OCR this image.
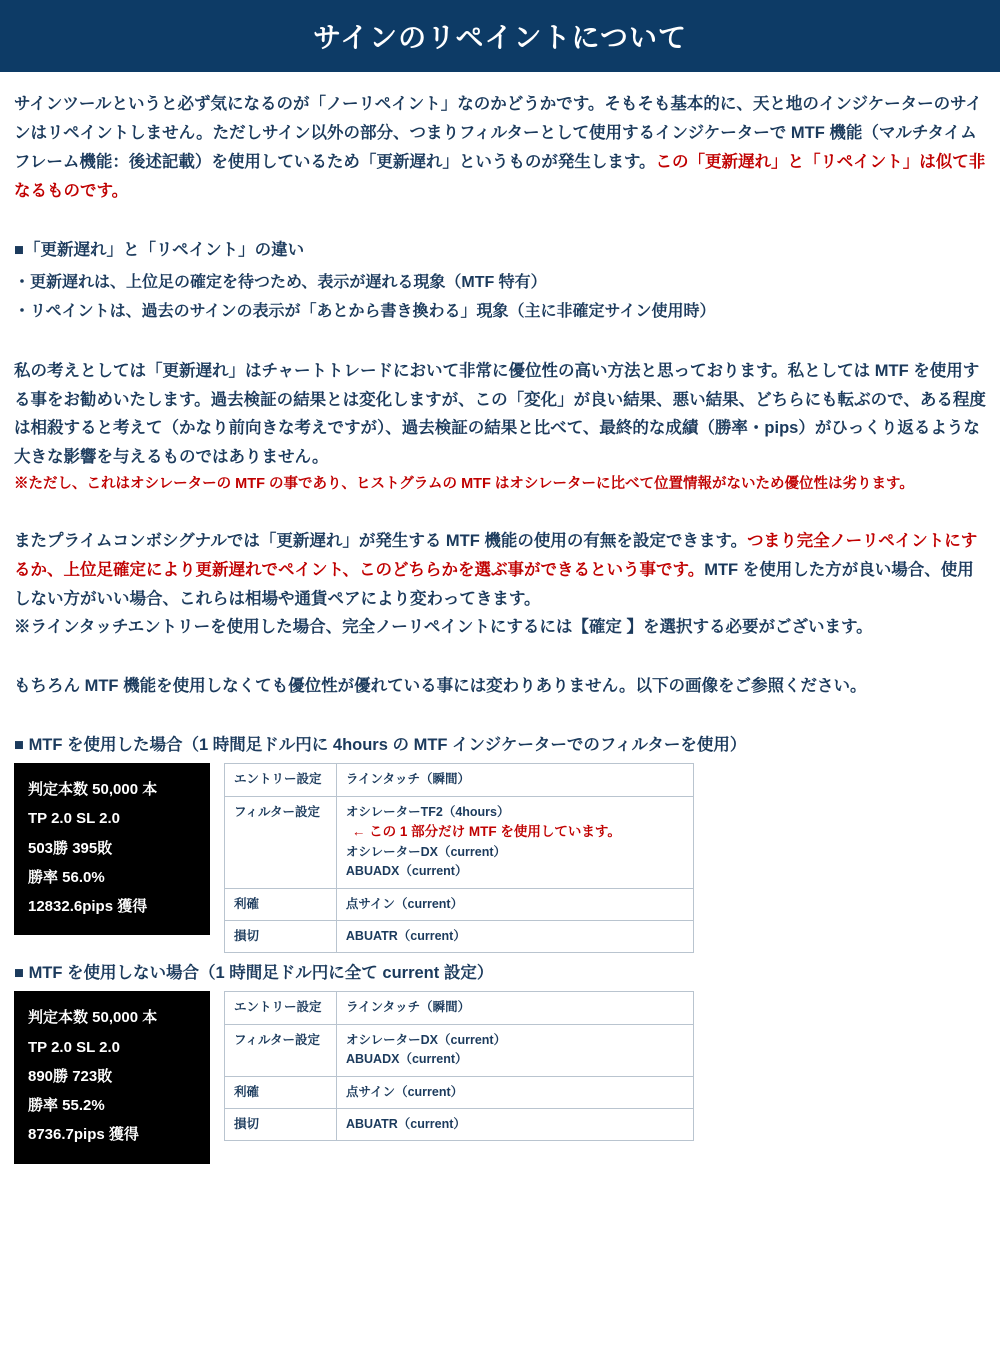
サインのリペイントについて

サインツールというと必ず気になるのが「ノーリペイント」なのかどうかです。そもそも基本的に、天と地のインジケーターのサインはリペイントしません。ただしサイン以外の部分、つまりフィルターとして使用するインジケーターで MTF 機能（マルチタイムフレーム機能：後述記載）を使用しているため「更新遅れ」というものが発生します。この「更新遅れ」と「リペイント」は似て非なるものです。

■「更新遅れ」と「リペイント」の違い

・更新遅れは、上位足の確定を待つため、表示が遅れる現象（MTF 特有）

・リペイントは、過去のサインの表示が「あとから書き換わる」現象（主に非確定サイン使用時）

私の考えとしては「更新遅れ」はチャートトレードにおいて非常に優位性の高い方法と思っております。私としては MTF を使用する事をお勧めいたします。過去検証の結果とは変化しますが、この「変化」が良い結果、悪い結果、どちらにも転ぶので、ある程度は相殺すると考えて（かなり前向きな考えですが）、過去検証の結果と比べて、最終的な成績（勝率・pips）がひっくり返るような大きな影響を与えるものではありません。

※ただし、これはオシレーターの MTF の事であり、ヒストグラムの MTF はオシレーターに比べて位置情報がないため優位性は劣ります。

またプライムコンボシグナルでは「更新遅れ」が発生する MTF 機能の使用の有無を設定できます。つまり完全ノーリペイントにするか、上位足確定により更新遅れでペイント、このどちらかを選ぶ事ができるという事です。MTF を使用した方が良い場合、使用しない方がいい場合、これらは相場や通貨ペアにより変わってきます。

※ラインタッチエントリーを使用した場合、完全ノーリペイントにするには【確定 】を選択する必要がございます。

もちろん MTF 機能を使用しなくても優位性が優れている事には変わりありません。以下の画像をご参照ください。

■ MTF を使用した場合（1 時間足ドル円に 4hours の MTF インジケーターでのフィルターを使用）
判定本数 50,000 本
TP 2.0 SL 2.0
503勝 395敗
勝率 56.0%
12832.6pips 獲得
エントリー設定	ラインタッチ（瞬間）

フィルター設定	オシレーターTF2（4hours）← この 1 部分だけ MTF を使用しています。
オシレーターDX（current）
ABUADX（current）

利確	点サイン（current）

損切	ABUATR（current）
■ MTF を使用しない場合（1 時間足ドル円に全て current 設定）
判定本数 50,000 本
TP 2.0 SL 2.0
890勝 723敗
勝率 55.2%
8736.7pips 獲得
エントリー設定	ラインタッチ（瞬間）

フィルター設定	オシレーターDX（current）
ABUADX（current）

利確	点サイン（current）

損切	ABUATR（current）
